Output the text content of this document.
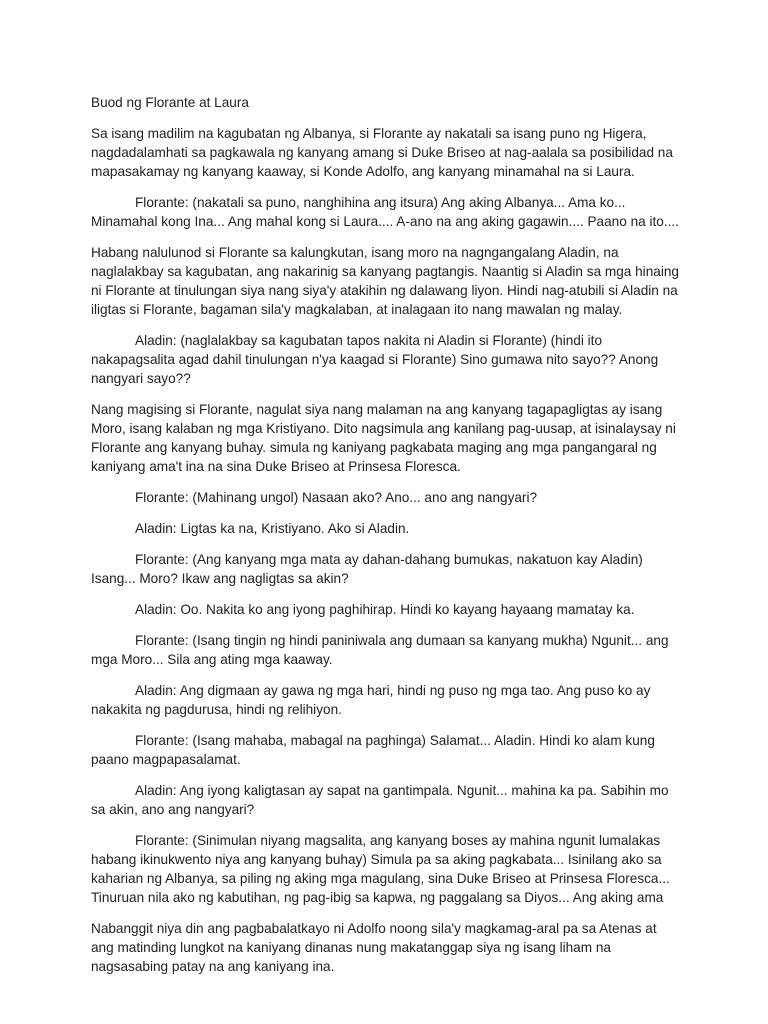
Buod ng Florante at Laura

Sa isang madilim na kagubatan ng Albanya, si Florante ay nakatali sa isang puno ng Higera, nagdadalamhati sa pagkawala ng kanyang amang si Duke Briseo at nag-aalala sa posibilidad na mapasakamay ng kanyang kaaway, si Konde Adolfo, ang kanyang minamahal na si Laura.

Florante: (nakatali sa puno, nanghihina ang itsura) Ang aking Albanya... Ama ko... Minamahal kong Ina... Ang mahal kong si Laura.... A-ano na ang aking gagawin.... Paano na ito....

Habang nalulunod si Florante sa kalungkutan, isang moro na nagngangalang Aladin, na naglalakbay sa kagubatan, ang nakarinig sa kanyang pagtangis. Naantig si Aladin sa mga hinaing ni Florante at tinulungan siya nang siya'y atakihin ng dalawang liyon. Hindi nag-atubili si Aladin na iligtas si Florante, bagaman sila'y magkalaban, at inalagaan ito nang mawalan ng malay.

Aladin: (naglalakbay sa kagubatan tapos nakita ni Aladin si Florante) (hindi ito nakapagsalita agad dahil tinulungan n'ya kaagad si Florante) Sino gumawa nito sayo?? Anong nangyari sayo??

Nang magising si Florante, nagulat siya nang malaman na ang kanyang tagapagligtas ay isang Moro, isang kalaban ng mga Kristiyano. Dito nagsimula ang kanilang pag-uusap, at isinalaysay ni Florante ang kanyang buhay. simula ng kaniyang pagkabata maging ang mga pangangaral ng kaniyang ama't ina na sina Duke Briseo at Prinsesa Floresca.

Florante: (Mahinang ungol) Nasaan ako? Ano... ano ang nangyari?

Aladin: Ligtas ka na, Kristiyano. Ako si Aladin.

Florante: (Ang kanyang mga mata ay dahan-dahang bumukas, nakatuon kay Aladin) Isang... Moro? Ikaw ang nagligtas sa akin?

Aladin: Oo. Nakita ko ang iyong paghihirap. Hindi ko kayang hayaang mamatay ka.

Florante: (Isang tingin ng hindi paniniwala ang dumaan sa kanyang mukha) Ngunit... ang mga Moro... Sila ang ating mga kaaway.

Aladin: Ang digmaan ay gawa ng mga hari, hindi ng puso ng mga tao. Ang puso ko ay nakakita ng pagdurusa, hindi ng relihiyon.

Florante: (Isang mahaba, mabagal na paghinga) Salamat... Aladin. Hindi ko alam kung paano magpapasalamat.

Aladin: Ang iyong kaligtasan ay sapat na gantimpala. Ngunit... mahina ka pa. Sabihin mo sa akin, ano ang nangyari?

Florante: (Sinimulan niyang magsalita, ang kanyang boses ay mahina ngunit lumalakas habang ikinukwento niya ang kanyang buhay) Simula pa sa aking pagkabata... Isinilang ako sa kaharian ng Albanya, sa piling ng aking mga magulang, sina Duke Briseo at Prinsesa Floresca... Tinuruan nila ako ng kabutihan, ng pag-ibig sa kapwa, ng paggalang sa Diyos... Ang aking ama

Nabanggit niya din ang pagbabalatkayo ni Adolfo noong sila'y magkamag-aral pa sa Atenas at ang matinding lungkot na kaniyang dinanas nung makatanggap siya ng isang liham na nagsasabing patay na ang kaniyang ina.
